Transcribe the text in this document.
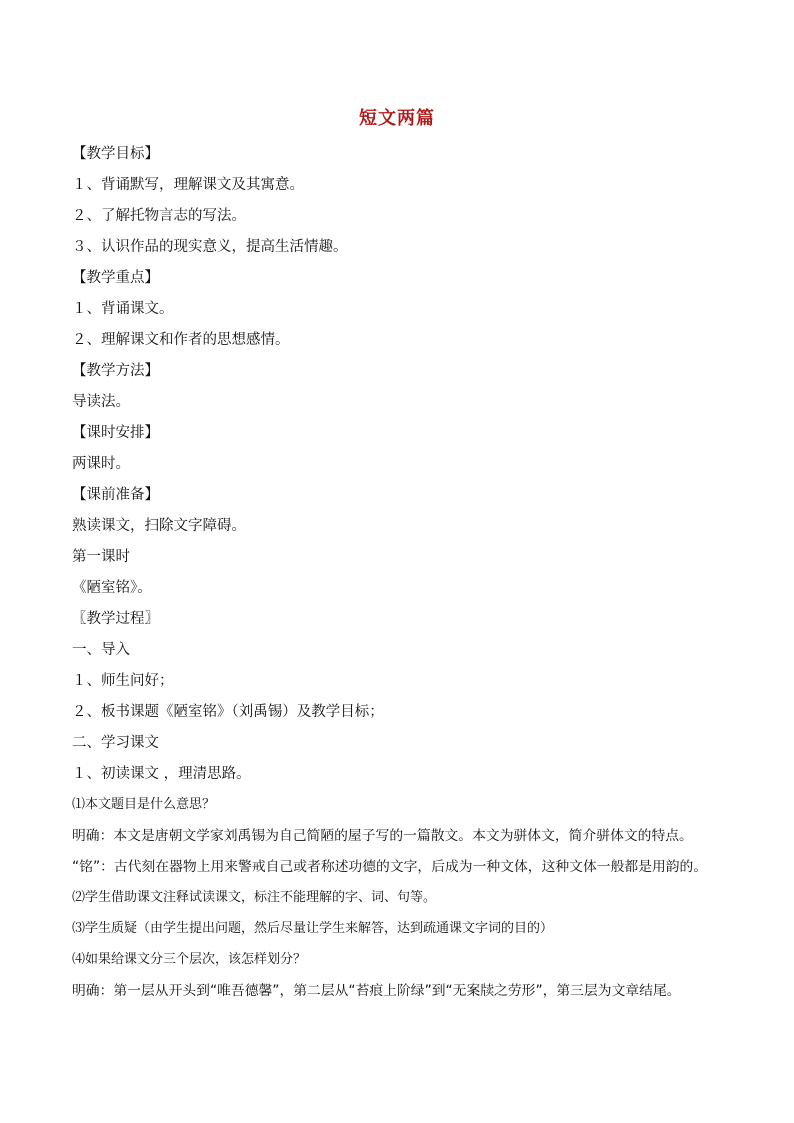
短文两篇
【教学目标】
１、背诵默写，理解课文及其寓意。
２、了解托物言志的写法。
３、认识作品的现实意义，提高生活情趣。
【教学重点】
１、背诵课文。
２、理解课文和作者的思想感情。
【教学方法】
导读法。
【课时安排】
两课时。
【课前准备】
熟读课文，扫除文字障碍。
第一课时
《陋室铭》。
〖教学过程〗
一、导入
１、师生问好；
２、板书课题《陋室铭》（刘禹锡）及教学目标；
二、学习课文
１、初读课文 ，理清思路。
⑴本文题目是什么意思？
明确：本文是唐朝文学家刘禹锡为自己简陋的屋子写的一篇散文。本文为骈体文，简介骈体文的特点。
“铭”：古代刻在器物上用来警戒自己或者称述功德的文字，后成为一种文体，这种文体一般都是用韵的。
⑵学生借助课文注释试读课文，标注不能理解的字、词、句等。
⑶学生质疑（由学生提出问题，然后尽量让学生来解答，达到疏通课文字词的目的）
⑷如果给课文分三个层次，该怎样划分？
明确：第一层从开头到“唯吾德馨”，第二层从“苔痕上阶绿”到“无案牍之劳形”，第三层为文章结尾。
